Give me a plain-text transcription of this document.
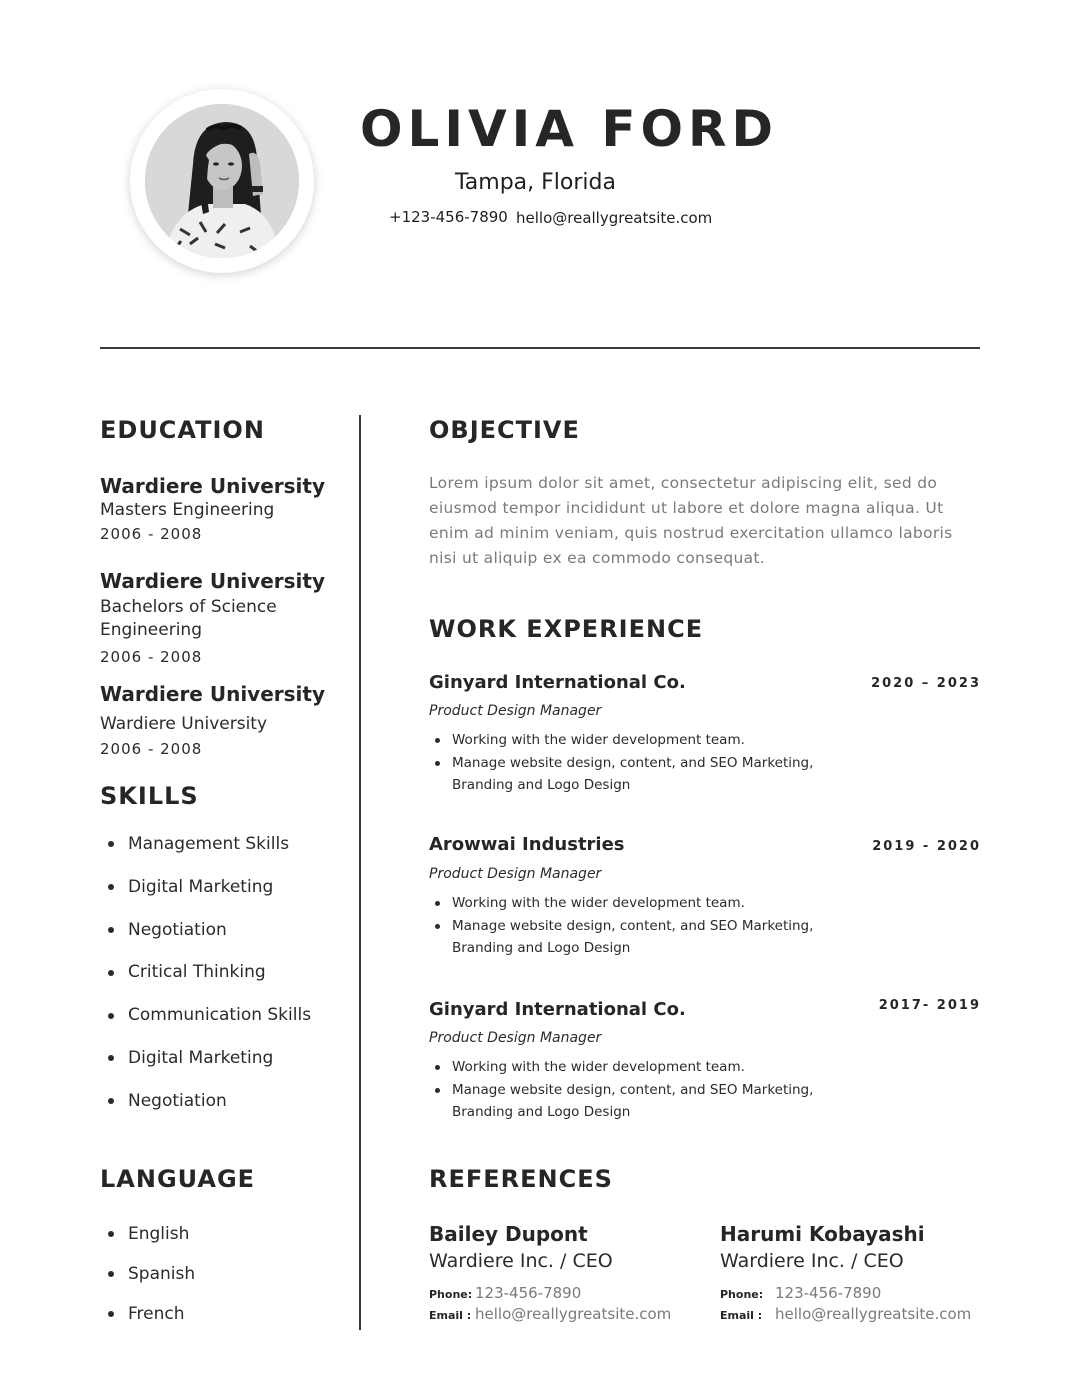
OLIVIA FORD
Tampa, Florida
+123-456-7890 hello@reallygreatsite.com
EDUCATION
Wardiere University
Masters Engineering
2006 - 2008
Wardiere University
Bachelors of Science Engineering
2006 - 2008
Wardiere University
Wardiere University
2006 - 2008
SKILLS
Management Skills
Digital Marketing
Negotiation
Critical Thinking
Communication Skills
Digital Marketing
Negotiation
LANGUAGE
English
Spanish
French
OBJECTIVE
Lorem ipsum dolor sit amet, consectetur adipiscing elit, sed do eiusmod tempor incididunt ut labore et dolore magna aliqua. Ut enim ad minim veniam, quis nostrud exercitation ullamco laboris nisi ut aliquip ex ea commodo consequat.
WORK EXPERIENCE
Ginyard International Co.	2020 – 2023
Product Design Manager
Working with the wider development team.
Manage website design, content, and SEO Marketing, Branding and Logo Design
Arowwai Industries	2019 - 2020
Product Design Manager
Working with the wider development team.
Manage website design, content, and SEO Marketing, Branding and Logo Design
Ginyard International Co.	2017- 2019
Product Design Manager
Working with the wider development team.
Manage website design, content, and SEO Marketing, Branding and Logo Design
REFERENCES
Bailey Dupont
Wardiere Inc. / CEO
Phone: 123-456-7890
Email : hello@reallygreatsite.com
Harumi Kobayashi
Wardiere Inc. / CEO
Phone: 123-456-7890
Email : hello@reallygreatsite.com
